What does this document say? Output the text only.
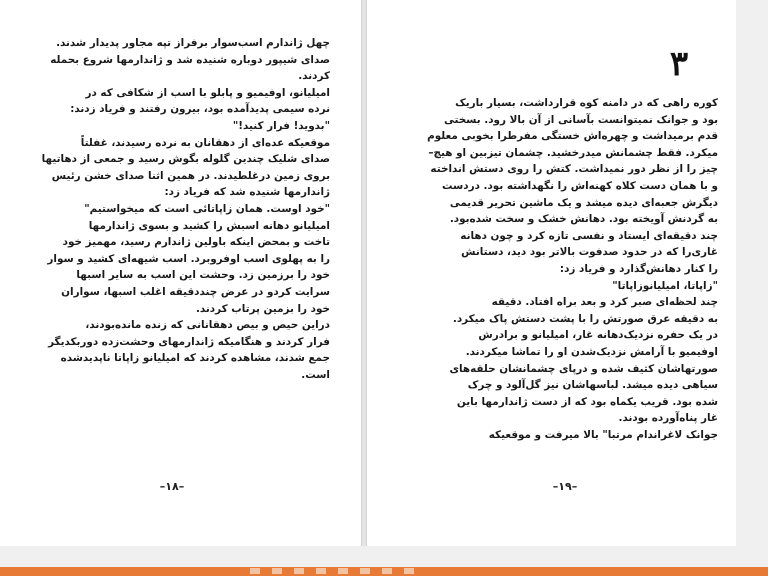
چهل ژاندارم اسب‌سوار برفراز تپه مجاور پدیدار شدند.

صدای شیپور دوباره شنیده شد و ژاندارمها شروع بحمله

کردند.

امیلیانو، اوفیمیو و پابلو با اسب از شکافی که در

نرده سیمی پدیدآمده بود، بیرون رفتند و فریاد زدند:

"بدوید! فرار کنید!"

موقعیکه عده‌ای از دهقانان به نرده رسیدند، غفلتاً

صدای شلیک چندین گلوله بگوش رسید و جمعی از دهاتیها

بروی زمین درغلطیدند. در همین اثنا صدای خشن رئیس

ژاندارمها شنیده شد که فریاد زد:

"خود اوست. همان زاپاتائی است که میخواستیم"

امیلیانو دهانه اسبش را کشید و بسوی ژاندارمها

تاخت و بمحض اینکه باولین ژاندارم رسید، مهمیز خود

را به پهلوی اسب اوفروبرد. اسب شیهه‌ای کشید و سوار

خود را برزمین زد. وحشت این اسب به سایر اسبها

سرایت کردو در عرض چنددقیقه اغلب اسبها، سواران

خود را بزمین پرتاب کردند.

دراین حیص و بیص دهقانانی که زنده مانده‌بودند،

فرار کردند و هنگامیکه ژاندارمهای وحشت‌زده دوربکدیگر

جمع شدند، مشاهده کردند که امیلیانو زاپاتا ناپدیدشده

است.

–۱۸–
۳

کوره راهی که در دامنه کوه قرارداشت، بسیار باریک

بود و جوانک نمیتوانست بآسانی از آن بالا رود. بسختی

قدم برمیداشت و چهره‌اش خستگی مفرطرا بخوبی معلوم

میکرد. فقط چشمانش میدرخشید. چشمان تیزبین او هیچ–

چیز را از نظر دور نمیداشت. کتش را روی دستش انداخته

و با همان دست کلاه کهنه‌اش را نگهداشته بود. دردست

دیگرش جعبه‌ای دیده میشد و یک ماشین تحریر قدیمی

به گردنش آویخته بود. دهانش خشک و سخت شده‌بود.

چند دقیقه‌ای ایستاد و نفسی تازه کرد و چون دهانه

غاری‌را که در حدود صدفوت بالاتر بود دید، دستانش

را کنار دهانش‌گذارد و فریاد زد:

"زاپاتا، امیلیانوزاپاتا"

چند لحظه‌ای صبر کرد و بعد براه افتاد. دقیقه

به دقیقه عرق صورتش را با پشت دستش پاک میکرد.

در یک حفره نزدیک‌دهانه غار، امیلیانو و برادرش

اوفیمیو با آرامش نزدیک‌شدن او را تماشا میکردند.

صورتهاشان کثیف شده و درپای چشمانشان حلقه‌های

سیاهی دیده میشد. لباسهاشان نیز گل‌آلود و چرک

شده بود. قریب یکماه بود که از دست ژاندارمها باین

غار پناه‌آورده بودند.

جوانک لاغراندام مرتبا" بالا میرفت و موقعیکه

–۱۹–
